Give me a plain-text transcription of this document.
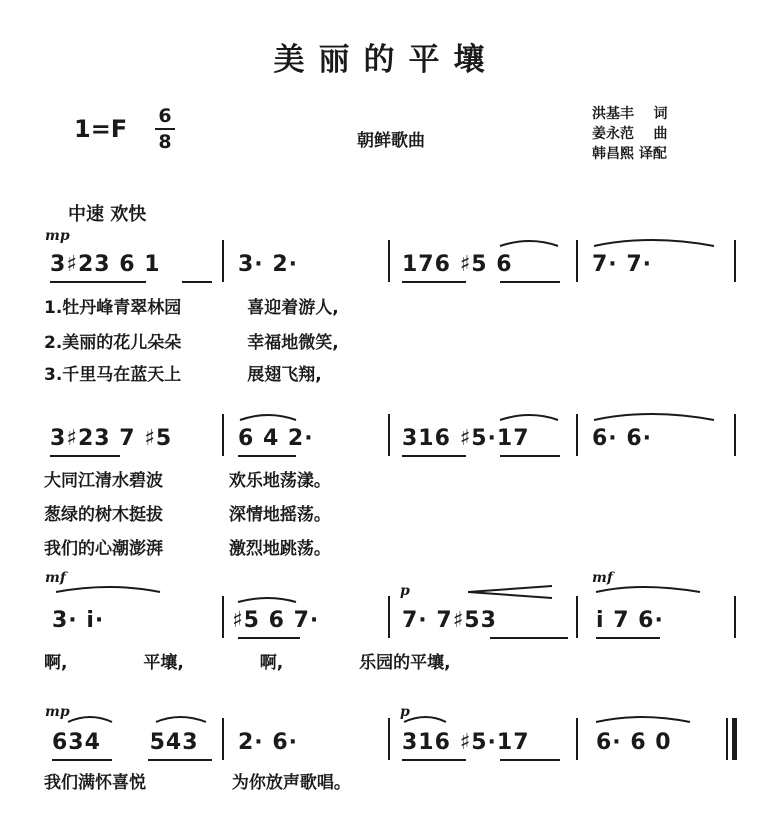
美丽的平壤
1=F 6
8	朝鲜歌曲
洪基丰 词
姜永范 曲
韩昌熙 译配
中速 欢快
mp
3♯23 6 1	3· 2·	176 ♯5 6	7· 7·
1.牡丹峰青翠林园 喜迎着游人,
2.美丽的花儿朵朵 幸福地微笑,
3.千里马在蓝天上 展翅飞翔,
3♯23 7 ♯5	6 4 2·	316 ♯5·17	6· 6·
大同江清水碧波 欢乐地荡漾。
葱绿的树木挺拔 深情地摇荡。
我们的心潮澎湃 激烈地跳荡。
mf
p
mf
3· i·	♯5 6 7·	7· 7♯53	i 7 6·
啊, 平壤, 啊, 乐园的平壤,
mp	p
634 543 2· 6·	316 ♯5·17	6· 6 0
我们满怀喜悦 为你放声歌唱。
